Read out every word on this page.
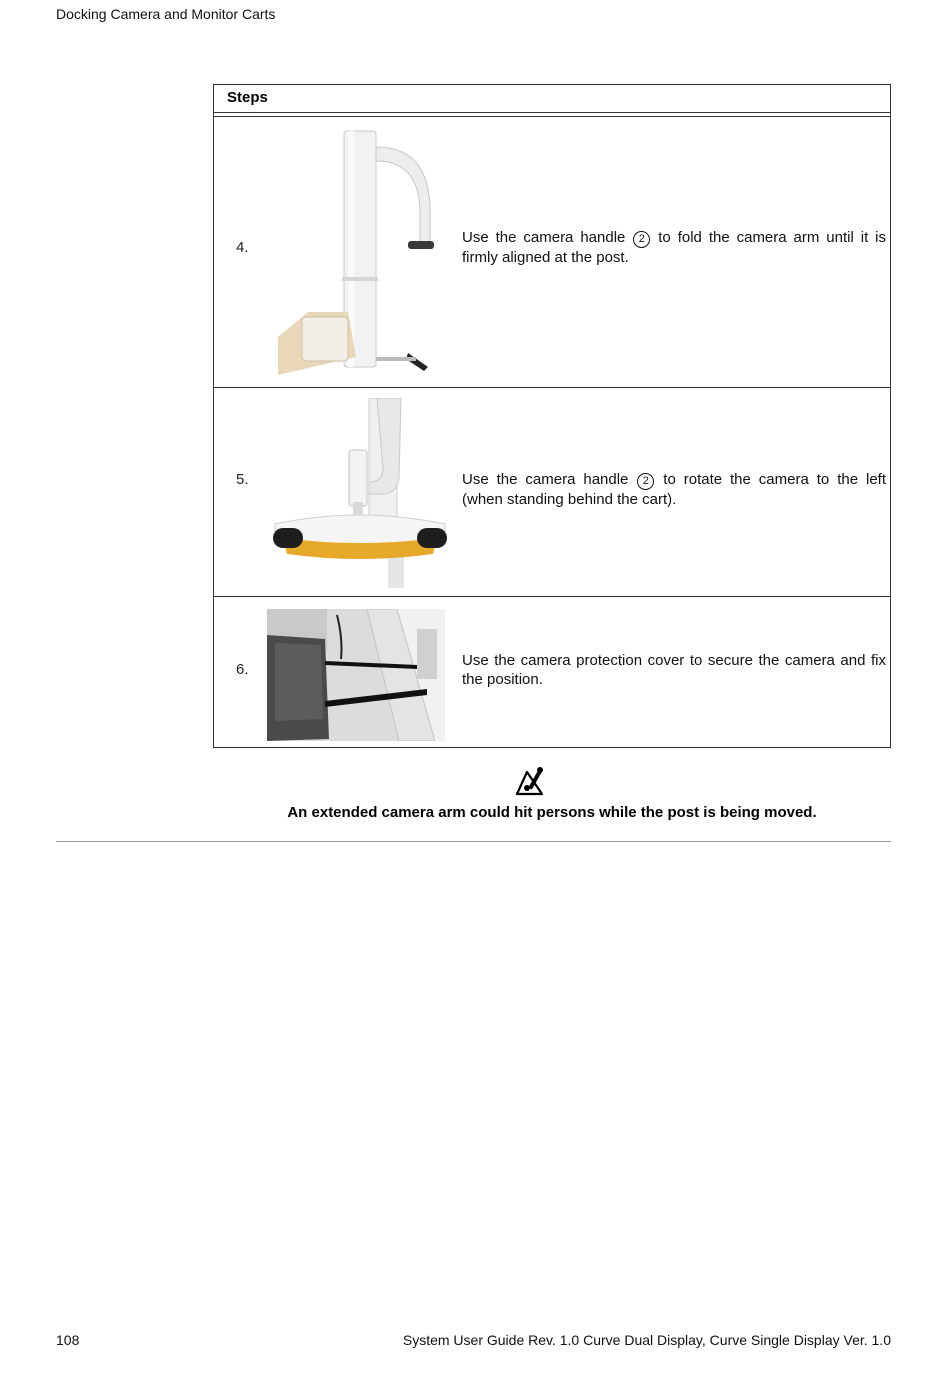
Docking Camera and Monitor Carts
Steps
4.
Use the camera handle 2 to fold the camera arm until it is firmly aligned at the post.
5.	Use the camera handle 2 to rotate the camera to the left (when standing behind the cart).
6.
Use the camera protection cover to secure the camera and fix the position.
An extended camera arm could hit persons while the post is being moved.
108	System User Guide Rev. 1.0 Curve Dual Display, Curve Single Display Ver. 1.0
